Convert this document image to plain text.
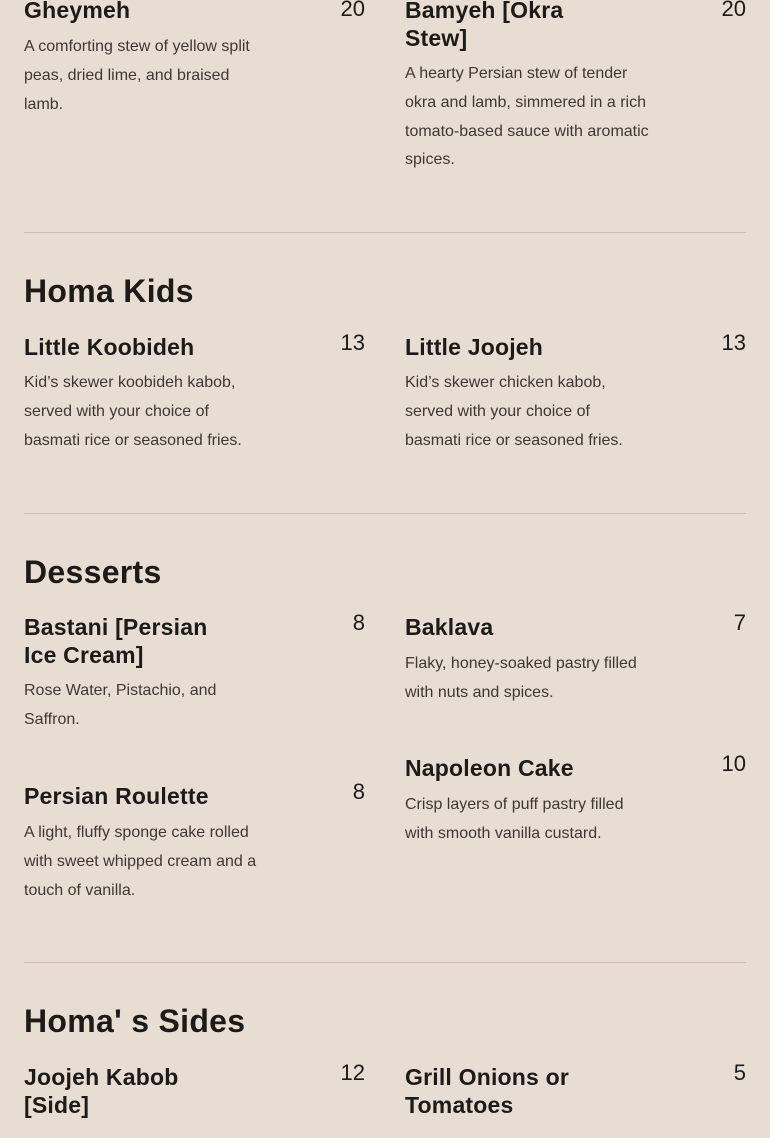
Gheymeh	20
A comforting stew of yellow split peas, dried lime, and braised lamb.
Bamyeh [Okra Stew]
20
A hearty Persian stew of tender okra and lamb, simmered in a rich tomato-based sauce with aromatic spices.
Homa Kids
Little Koobideh	13
Kid’s skewer koobideh kabob, served with your choice of basmati rice or seasoned fries.
Little Joojeh	13
Kid’s skewer chicken kabob, served with your choice of basmati rice or seasoned fries.
Desserts
Bastani [Persian Ice Cream]
8
Rose Water, Pistachio, and Saffron.
Baklava	7
Flaky, honey-soaked pastry filled with nuts and spices.
Persian Roulette	8
A light, fluffy sponge cake rolled with sweet whipped cream and a touch of vanilla.
Napoleon Cake	10
Crisp layers of puff pastry filled with smooth vanilla custard.
Homa' s Sides
Joojeh Kabob [Side]
12 Grill Onions or Tomatoes
5
